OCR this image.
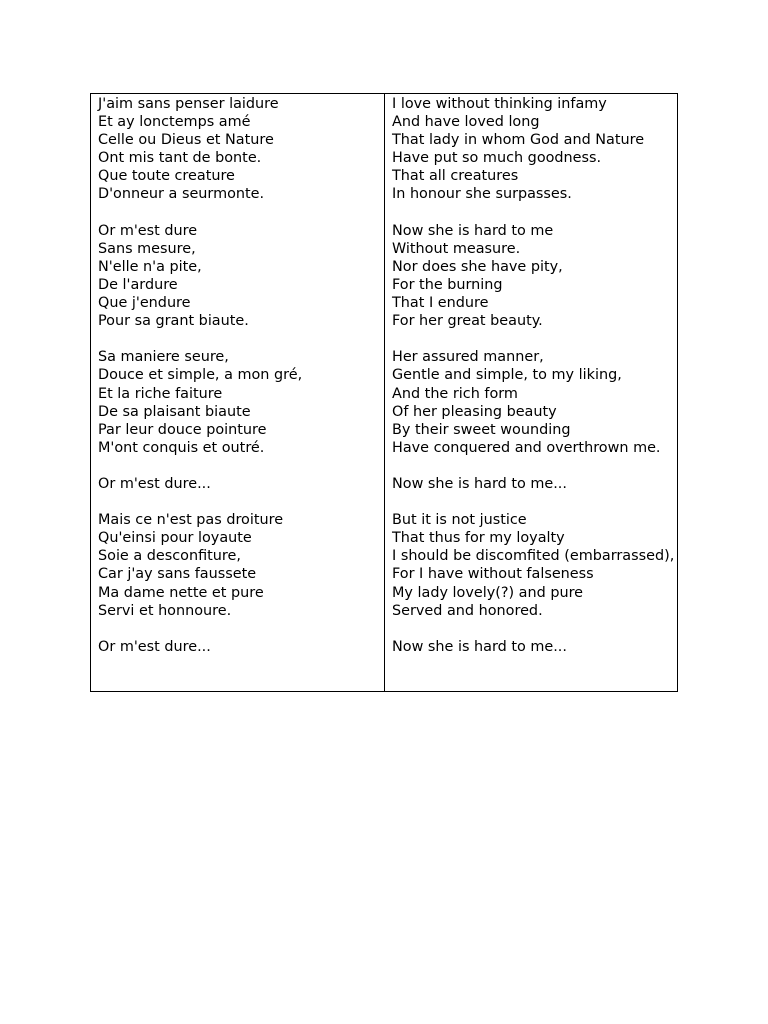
J'aim sans penser laidure
Et ay lonctemps amé
Celle ou Dieus et Nature
Ont mis tant de bonte.
Que toute creature
D'onneur a seurmonte.
Or m'est dure
Sans mesure,
N'elle n'a pite,
De l'ardure
Que j'endure
Pour sa grant biaute.
Sa maniere seure,
Douce et simple, a mon gré,
Et la riche faiture
De sa plaisant biaute
Par leur douce pointure
M'ont conquis et outré.
Or m'est dure...
Mais ce n'est pas droiture
Qu'einsi pour loyaute
Soie a desconfiture,
Car j'ay sans faussete
Ma dame nette et pure
Servi et honnoure.
Or m'est dure...
I love without thinking infamy
And have loved long
That lady in whom God and Nature
Have put so much goodness.
That all creatures
In honour she surpasses.
Now she is hard to me
Without measure.
Nor does she have pity,
For the burning
That I endure
For her great beauty.
Her assured manner,
Gentle and simple, to my liking,
And the rich form
Of her pleasing beauty
By their sweet wounding
Have conquered and overthrown me.
Now she is hard to me...
But it is not justice
That thus for my loyalty
I should be discomfited (embarrassed),
For I have without falseness
My lady lovely(?) and pure
Served and honored.
Now she is hard to me...
